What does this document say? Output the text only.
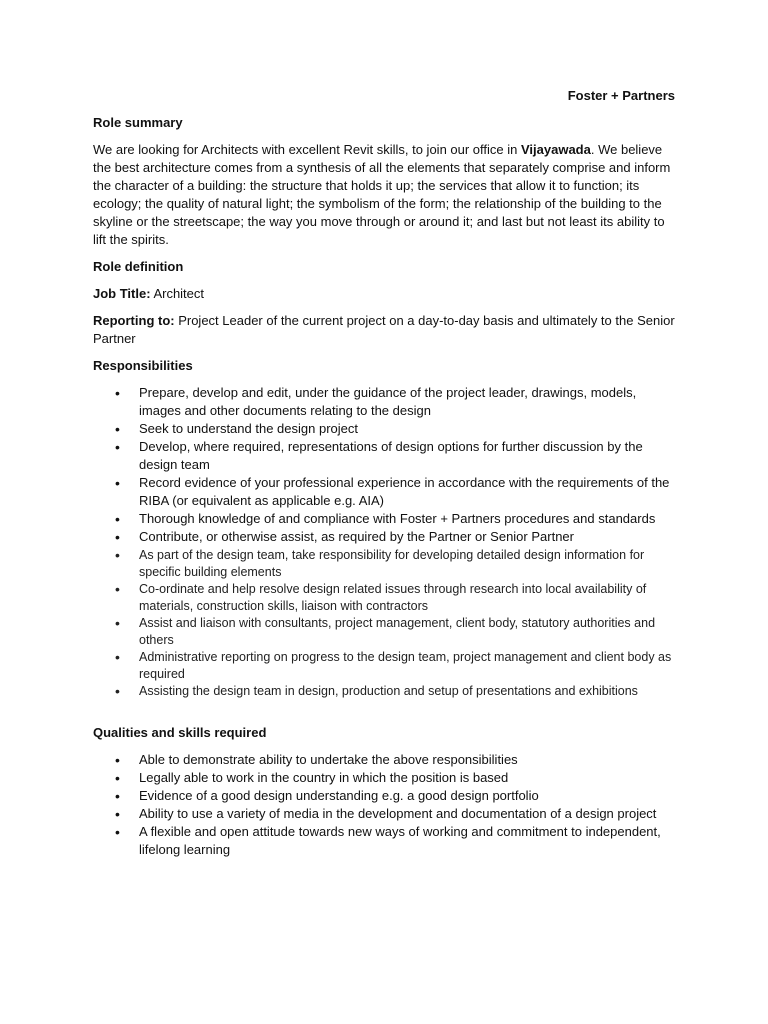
Foster + Partners

Role summary

We are looking for Architects with excellent Revit skills, to join our office in Vijayawada. We believe the best architecture comes from a synthesis of all the elements that separately comprise and inform the character of a building: the structure that holds it up; the services that allow it to function; its ecology; the quality of natural light; the symbolism of the form; the relationship of the building to the skyline or the streetscape; the way you move through or around it; and last but not least its ability to lift the spirits.

Role definition

Job Title: Architect

Reporting to: Project Leader of the current project on a day-to-day basis and ultimately to the Senior Partner

Responsibilities

• Prepare, develop and edit, under the guidance of the project leader, drawings, models, images and other documents relating to the design
• Seek to understand the design project
• Develop, where required, representations of design options for further discussion by the design team
• Record evidence of your professional experience in accordance with the requirements of the RIBA (or equivalent as applicable e.g. AIA)
• Thorough knowledge of and compliance with Foster + Partners procedures and standards
• Contribute, or otherwise assist, as required by the Partner or Senior Partner
• As part of the design team, take responsibility for developing detailed design information for specific building elements
• Co-ordinate and help resolve design related issues through research into local availability of materials, construction skills, liaison with contractors
• Assist and liaison with consultants, project management, client body, statutory authorities and others
• Administrative reporting on progress to the design team, project management and client body as required
• Assisting the design team in design, production and setup of presentations and exhibitions

Qualities and skills required

• Able to demonstrate ability to undertake the above responsibilities
• Legally able to work in the country in which the position is based
• Evidence of a good design understanding e.g. a good design portfolio
• Ability to use a variety of media in the development and documentation of a design project
• A flexible and open attitude towards new ways of working and commitment to independent, lifelong learning
